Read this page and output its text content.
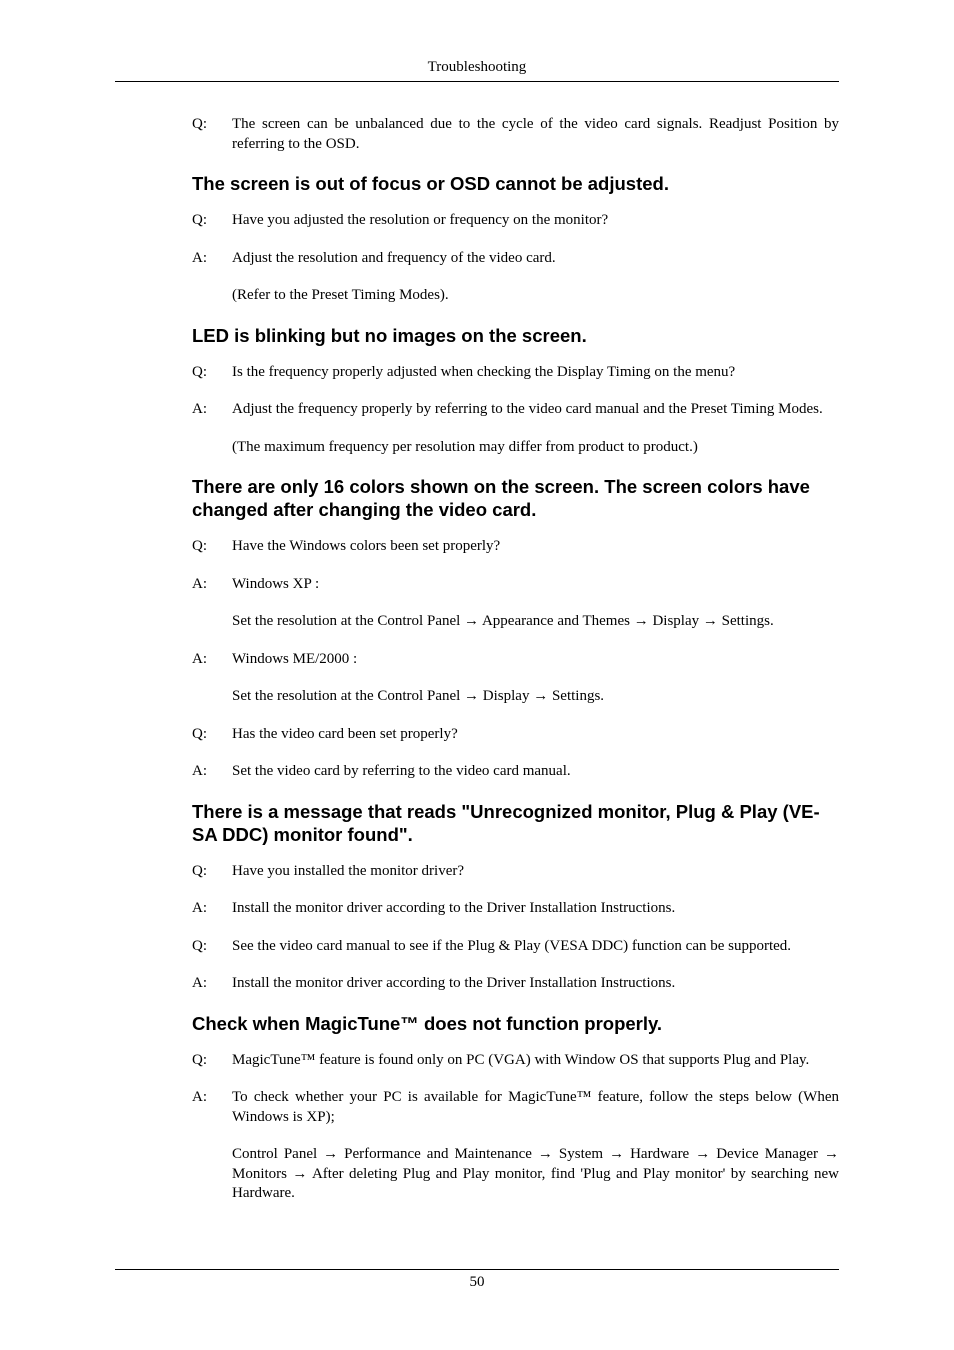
Troubleshooting
Q:	The screen can be unbalanced due to the cycle of the video card signals. Readjust Position by referring to the OSD.
The screen is out of focus or OSD cannot be adjusted.
Q:	Have you adjusted the resolution or frequency on the monitor?
A:	Adjust the resolution and frequency of the video card.
(Refer to the Preset Timing Modes).
LED is blinking but no images on the screen.
Q:	Is the frequency properly adjusted when checking the Display Timing on the menu?
A:	Adjust the frequency properly by referring to the video card manual and the Preset Timing Modes.
(The maximum frequency per resolution may differ from product to product.)
There are only 16 colors shown on the screen. The screen colors have changed after changing the video card.
Q:	Have the Windows colors been set properly?
A:	Windows XP :
Set the resolution at the Control Panel → Appearance and Themes → Display → Settings.
A:	Windows ME/2000 :
Set the resolution at the Control Panel → Display → Settings.
Q:	Has the video card been set properly?
A:	Set the video card by referring to the video card manual.
There is a message that reads "Unrecognized monitor, Plug & Play (VE-SA DDC) monitor found".
Q:	Have you installed the monitor driver?
A:	Install the monitor driver according to the Driver Installation Instructions.
Q:	See the video card manual to see if the Plug & Play (VESA DDC) function can be supported.
A:	Install the monitor driver according to the Driver Installation Instructions.
Check when MagicTune™ does not function properly.
Q:	MagicTune™ feature is found only on PC (VGA) with Window OS that supports Plug and Play.
A:	To check whether your PC is available for MagicTune™ feature, follow the steps below (When Windows is XP);
Control Panel → Performance and Maintenance → System → Hardware → Device Manager → Monitors → After deleting Plug and Play monitor, find 'Plug and Play monitor' by searching new Hardware.
50
